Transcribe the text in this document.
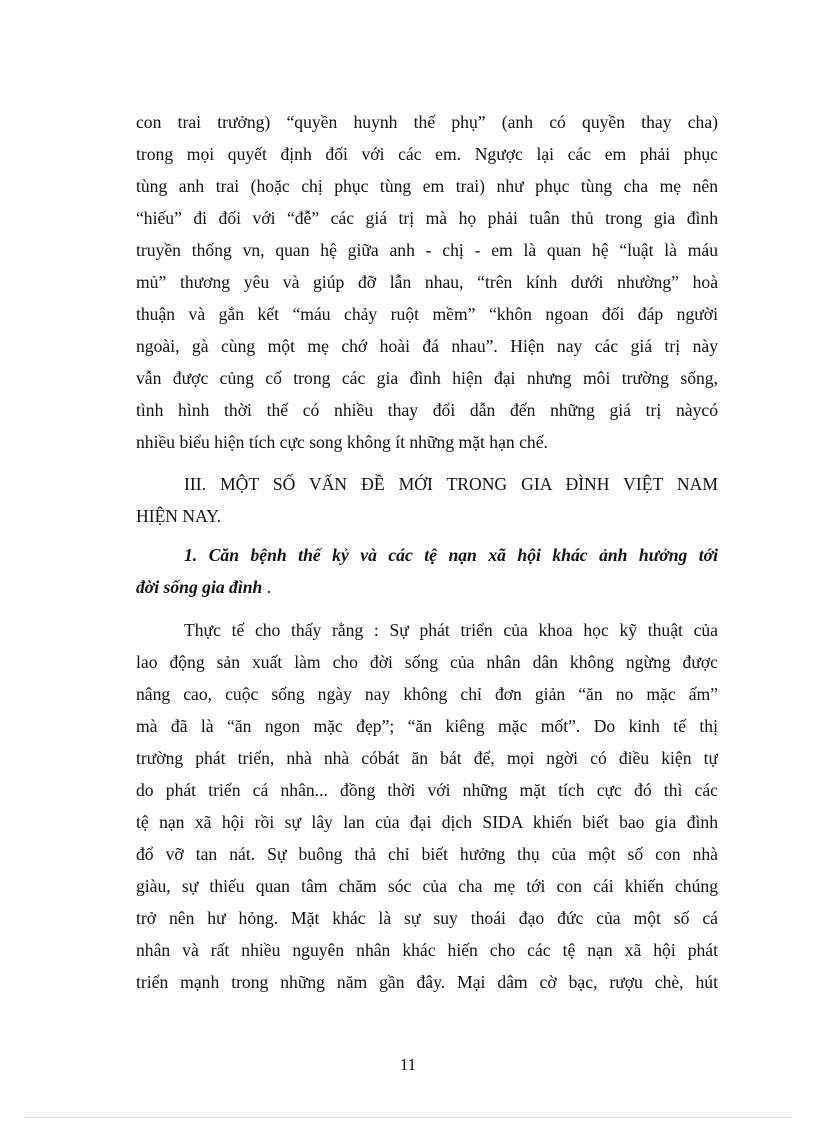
con trai trưởng) “quyền huynh thế phụ” (anh có quyền thay cha)
trong mọi quyết định đối với các em. Ngược lại các em phải phục
tùng anh trai (hoặc chị phục tùng em trai) như phục tùng cha mẹ nên
“hiếu” đi đối với “đễ” các giá trị mà họ phải tuân thủ trong gia đình
truyền thống vn, quan hệ giữa anh - chị - em là quan hệ “luật là máu
mủ” thương yêu và giúp đỡ lẫn nhau, “trên kính dưới nhường” hoà
thuận và gắn kết “máu chảy ruột mềm” “khôn ngoan đối đáp người
ngoài, gà cùng một mẹ chớ hoài đá nhau”. Hiện nay các giá trị này
vẫn được củng cố trong các gia đình hiện đại nhưng môi trường sống,
tình hình thời thế có nhiều thay đổi dẫn đến những giá trị nàycó
nhiều biểu hiện tích cực song không ít những mặt hạn chế.
III. MỘT SỐ VẤN ĐỀ MỚI TRONG GIA ĐÌNH VIỆT NAM
HIỆN NAY.
1. Căn bệnh thế kỷ và các tệ nạn xã hội khác ảnh hưởng tới
đời sống gia đình .
Thực tế cho thấy rằng : Sự phát triển của khoa học kỹ thuật của
lao động sản xuất làm cho đời sống của nhân dân không ngừng được
nâng cao, cuộc sống ngày nay không chỉ đơn giản “ăn no mặc ấm”
mà đã là “ăn ngon mặc đẹp”; “ăn kiêng mặc mốt”. Do kinh tế thị
trường phát triển, nhà nhà cóbát ăn bát để, mọi ngời có điều kiện tự
do phát triển cá nhân... đồng thời với những mặt tích cực đó thì các
tệ nạn xã hội rồi sự lây lan của đại dịch SIDA khiến biết bao gia đình
đổ vỡ tan nát. Sự buông thả chỉ biết hưởng thụ của một số con nhà
giàu, sự thiếu quan tâm chăm sóc của cha mẹ tới con cái khiến chúng
trở nên hư hỏng. Mặt khác là sự suy thoái đạo đức của một số cá
nhân và rất nhiều nguyên nhân khác hiến cho các tệ nạn xã hội phát
triển mạnh trong những năm gần đây. Mại dâm cờ bạc, rượu chè, hút
11
